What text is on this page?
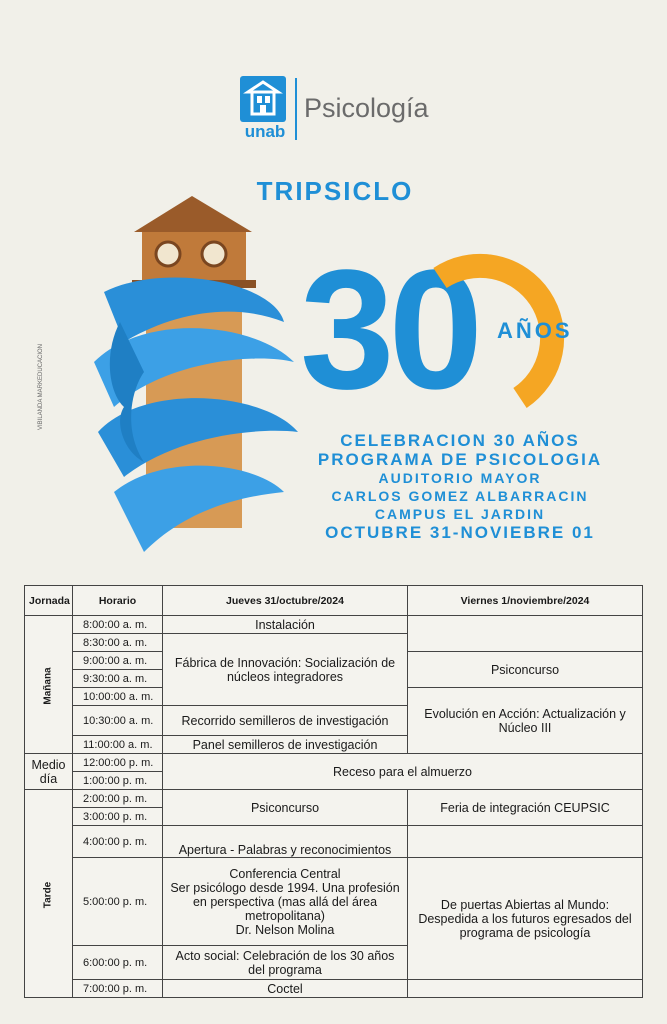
unab
Psicología
TRIPSICLO
30 AÑOS
VIBILANDA MARKEDUCACION
CELEBRACION 30 AÑOS
PROGRAMA DE PSICOLOGIA
AUDITORIO MAYOR
CARLOS GOMEZ ALBARRACIN
CAMPUS EL JARDIN
OCTUBRE 31-NOVIEBRE 01
Jornada	Horario	Jueves 31/octubre/2024	Viernes 1/noviembre/2024
Mañana	8:00:00 a. m.	Instalación	
	8:30:00 a. m.	Fábrica de Innovación: Socialización de núcleos integradores	
	9:00:00 a. m.		Psiconcurso
	9:30:00 a. m.		
	10:00:00 a. m.		Evolución en Acción: Actualización y Núcleo III
	10:30:00 a. m.	Recorrido semilleros de investigación	
	11:00:00 a. m.	Panel semilleros de investigación	
Medio día	12:00:00 p. m.	Receso para el almuerzo	
	1:00:00 p. m.		
Tarde	2:00:00 p. m.	Psiconcurso	Feria de integración CEUPSIC
	3:00:00 p. m.		
	4:00:00 p. m.	Apertura - Palabras y reconocimientos	
	5:00:00 p. m.	Conferencia Central
Ser psicólogo desde 1994. Una profesión en perspectiva (mas allá del área metropolitana)
Dr. Nelson Molina	De puertas Abiertas al Mundo: Despedida a los futuros egresados del programa de psicología
	6:00:00 p. m.	Acto social: Celebración de los 30 años del programa	
	7:00:00 p. m.	Coctel	
